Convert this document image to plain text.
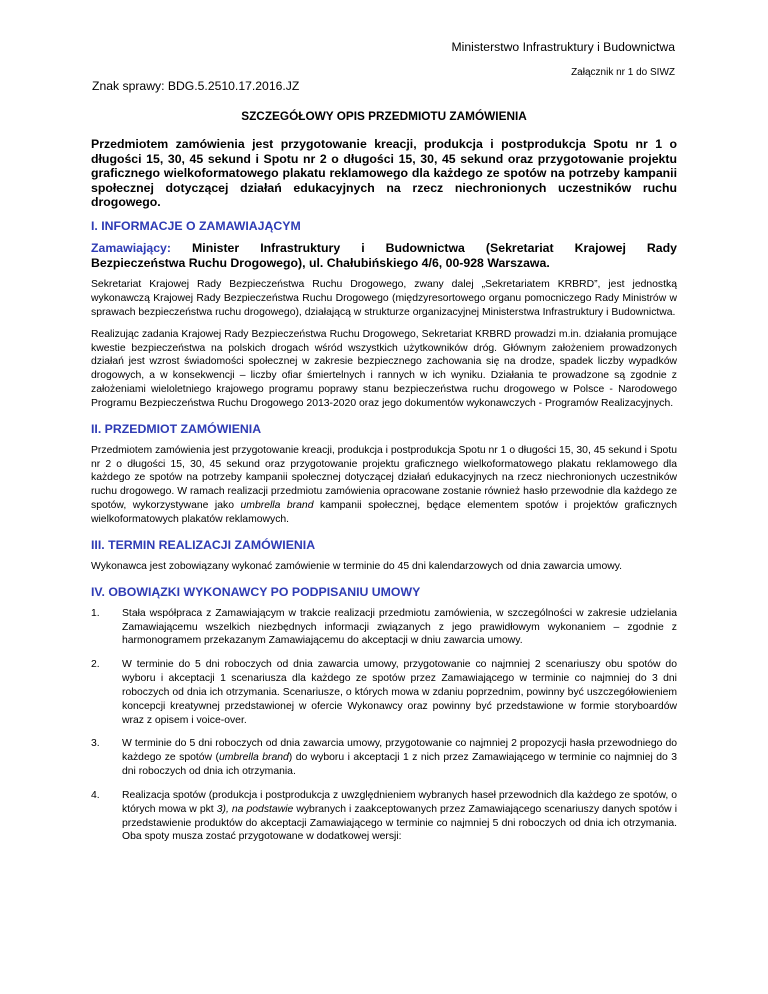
Ministerstwo Infrastruktury i Budownictwa
Załącznik nr 1 do SIWZ
Znak sprawy: BDG.5.2510.17.2016.JZ
SZCZEGÓŁOWY OPIS PRZEDMIOTU ZAMÓWIENIA
Przedmiotem zamówienia jest przygotowanie kreacji, produkcja i postprodukcja Spotu nr 1 o długości 15, 30, 45 sekund i Spotu nr 2 o długości 15, 30, 45 sekund oraz przygotowanie projektu graficznego wielkoformatowego plakatu reklamowego dla każdego ze spotów na potrzeby kampanii społecznej dotyczącej działań edukacyjnych na rzecz niechronionych uczestników ruchu drogowego.
I. INFORMACJE O ZAMAWIAJĄCYM
Zamawiający: Minister Infrastruktury i Budownictwa (Sekretariat Krajowej Rady
Bezpieczeństwa Ruchu Drogowego), ul. Chałubińskiego 4/6, 00-928 Warszawa.

Sekretariat Krajowej Rady Bezpieczeństwa Ruchu Drogowego, zwany dalej „Sekretariatem KRBRD”, jest jednostką wykonawczą Krajowej Rady Bezpieczeństwa Ruchu Drogowego (międzyresortowego organu pomocniczego Rady Ministrów w sprawach bezpieczeństwa ruchu drogowego), działającą w strukturze organizacyjnej Ministerstwa Infrastruktury i Budownictwa.

Realizując zadania Krajowej Rady Bezpieczeństwa Ruchu Drogowego, Sekretariat KRBRD prowadzi m.in. działania promujące kwestie bezpieczeństwa na polskich drogach wśród wszystkich użytkowników dróg. Głównym założeniem prowadzonych działań jest wzrost świadomości społecznej w zakresie bezpiecznego zachowania się na drodze, spadek liczby wypadków drogowych, a w konsekwencji – liczby ofiar śmiertelnych i rannych w ich wyniku. Działania te prowadzone są zgodnie z założeniami wieloletniego krajowego programu poprawy stanu bezpieczeństwa ruchu drogowego w Polsce - Narodowego Programu Bezpieczeństwa Ruchu Drogowego 2013-2020 oraz jego dokumentów wykonawczych - Programów Realizacyjnych.

II. PRZEDMIOT ZAMÓWIENIA

Przedmiotem zamówienia jest przygotowanie kreacji, produkcja i postprodukcja Spotu nr 1 o długości 15, 30, 45 sekund i Spotu nr 2 o długości 15, 30, 45 sekund oraz przygotowanie projektu graficznego wielkoformatowego plakatu reklamowego dla każdego ze spotów na potrzeby kampanii społecznej dotyczącej działań edukacyjnych na rzecz niechronionych uczestników ruchu drogowego. W ramach realizacji przedmiotu zamówienia opracowane zostanie również hasło przewodnie dla każdego ze spotów, wykorzystywane jako umbrella brand kampanii społecznej, będące elementem spotów i projektów graficznych wielkoformatowych plakatów reklamowych.

III. TERMIN REALIZACJI ZAMÓWIENIA

Wykonawca jest zobowiązany wykonać zamówienie w terminie do 45 dni kalendarzowych od dnia zawarcia umowy.

IV. OBOWIĄZKI WYKONAWCY PO PODPISANIU UMOWY
1. Stała współpraca z Zamawiającym w trakcie realizacji przedmiotu zamówienia, w szczególności w zakresie udzielania Zamawiającemu wszelkich niezbędnych informacji związanych z jego prawidłowym wykonaniem – zgodnie z harmonogramem przekazanym Zamawiającemu do akceptacji w dniu zawarcia umowy.
2. W terminie do 5 dni roboczych od dnia zawarcia umowy, przygotowanie co najmniej 2 scenariuszy obu spotów do wyboru i akceptacji 1 scenariusza dla każdego ze spotów przez Zamawiającego w terminie co najmniej do 3 dni roboczych od dnia ich otrzymania. Scenariusze, o których mowa w zdaniu poprzednim, powinny być uszczegółowieniem koncepcji kreatywnej przedstawionej w ofercie Wykonawcy oraz powinny być przedstawione w formie storyboardów wraz z opisem i voice-over.
3. W terminie do 5 dni roboczych od dnia zawarcia umowy, przygotowanie co najmniej 2 propozycji hasła przewodniego do każdego ze spotów (umbrella brand) do wyboru i akceptacji 1 z nich przez Zamawiającego w terminie co najmniej do 3 dni roboczych od dnia ich otrzymania.
4. Realizacja spotów (produkcja i postprodukcja z uwzględnieniem wybranych haseł przewodnich dla każdego ze spotów, o których mowa w pkt 3), na podstawie wybranych i zaakceptowanych przez Zamawiającego scenariuszy danych spotów i przedstawienie produktów do akceptacji Zamawiającego w terminie co najmniej 5 dni roboczych od dnia ich otrzymania. Oba spoty musza zostać przygotowane w dodatkowej wersji:
